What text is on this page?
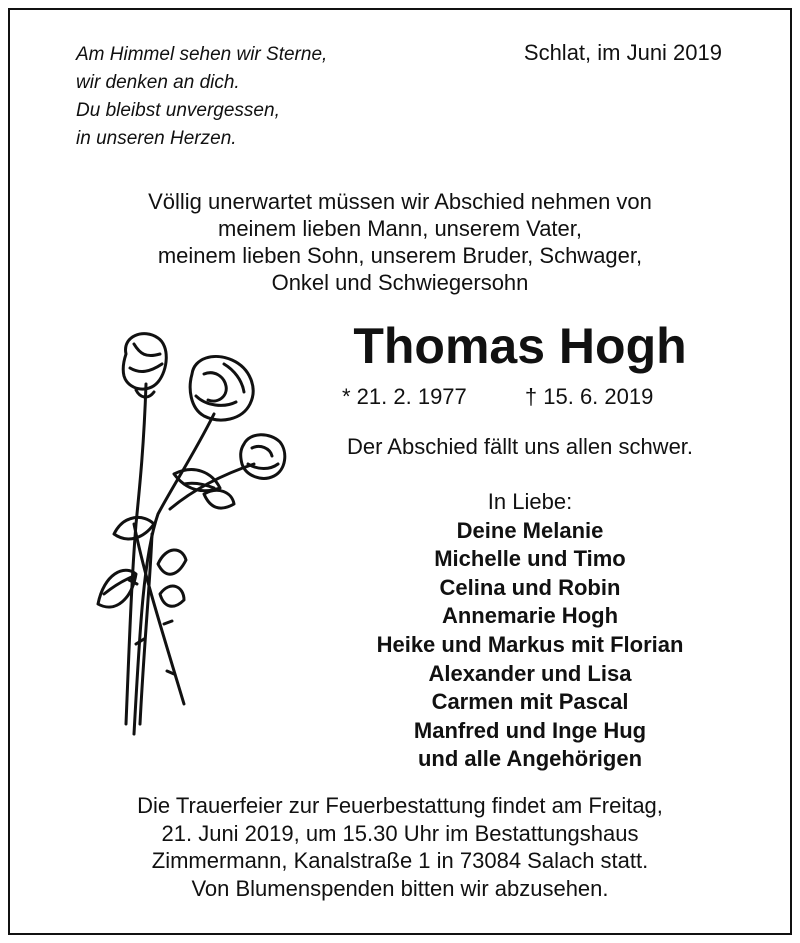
Am Himmel sehen wir Sterne,
wir denken an dich.
Du bleibst unvergessen,
in unseren Herzen.
Schlat, im Juni 2019
Völlig unerwartet müssen wir Abschied nehmen von
meinem lieben Mann, unserem Vater,
meinem lieben Sohn, unserem Bruder, Schwager,
Onkel und Schwiegersohn
Thomas Hogh
* 21. 2. 1977	† 15. 6. 2019
Der Abschied fällt uns allen schwer.
In Liebe:
Deine Melanie
Michelle und Timo
Celina und Robin
Annemarie Hogh
Heike und Markus mit Florian
Alexander und Lisa
Carmen mit Pascal
Manfred und Inge Hug
und alle Angehörigen
Die Trauerfeier zur Feuerbestattung findet am Freitag,
21. Juni 2019, um 15.30 Uhr im Bestattungshaus
Zimmermann, Kanalstraße 1 in 73084 Salach statt.
Von Blumenspenden bitten wir abzusehen.
